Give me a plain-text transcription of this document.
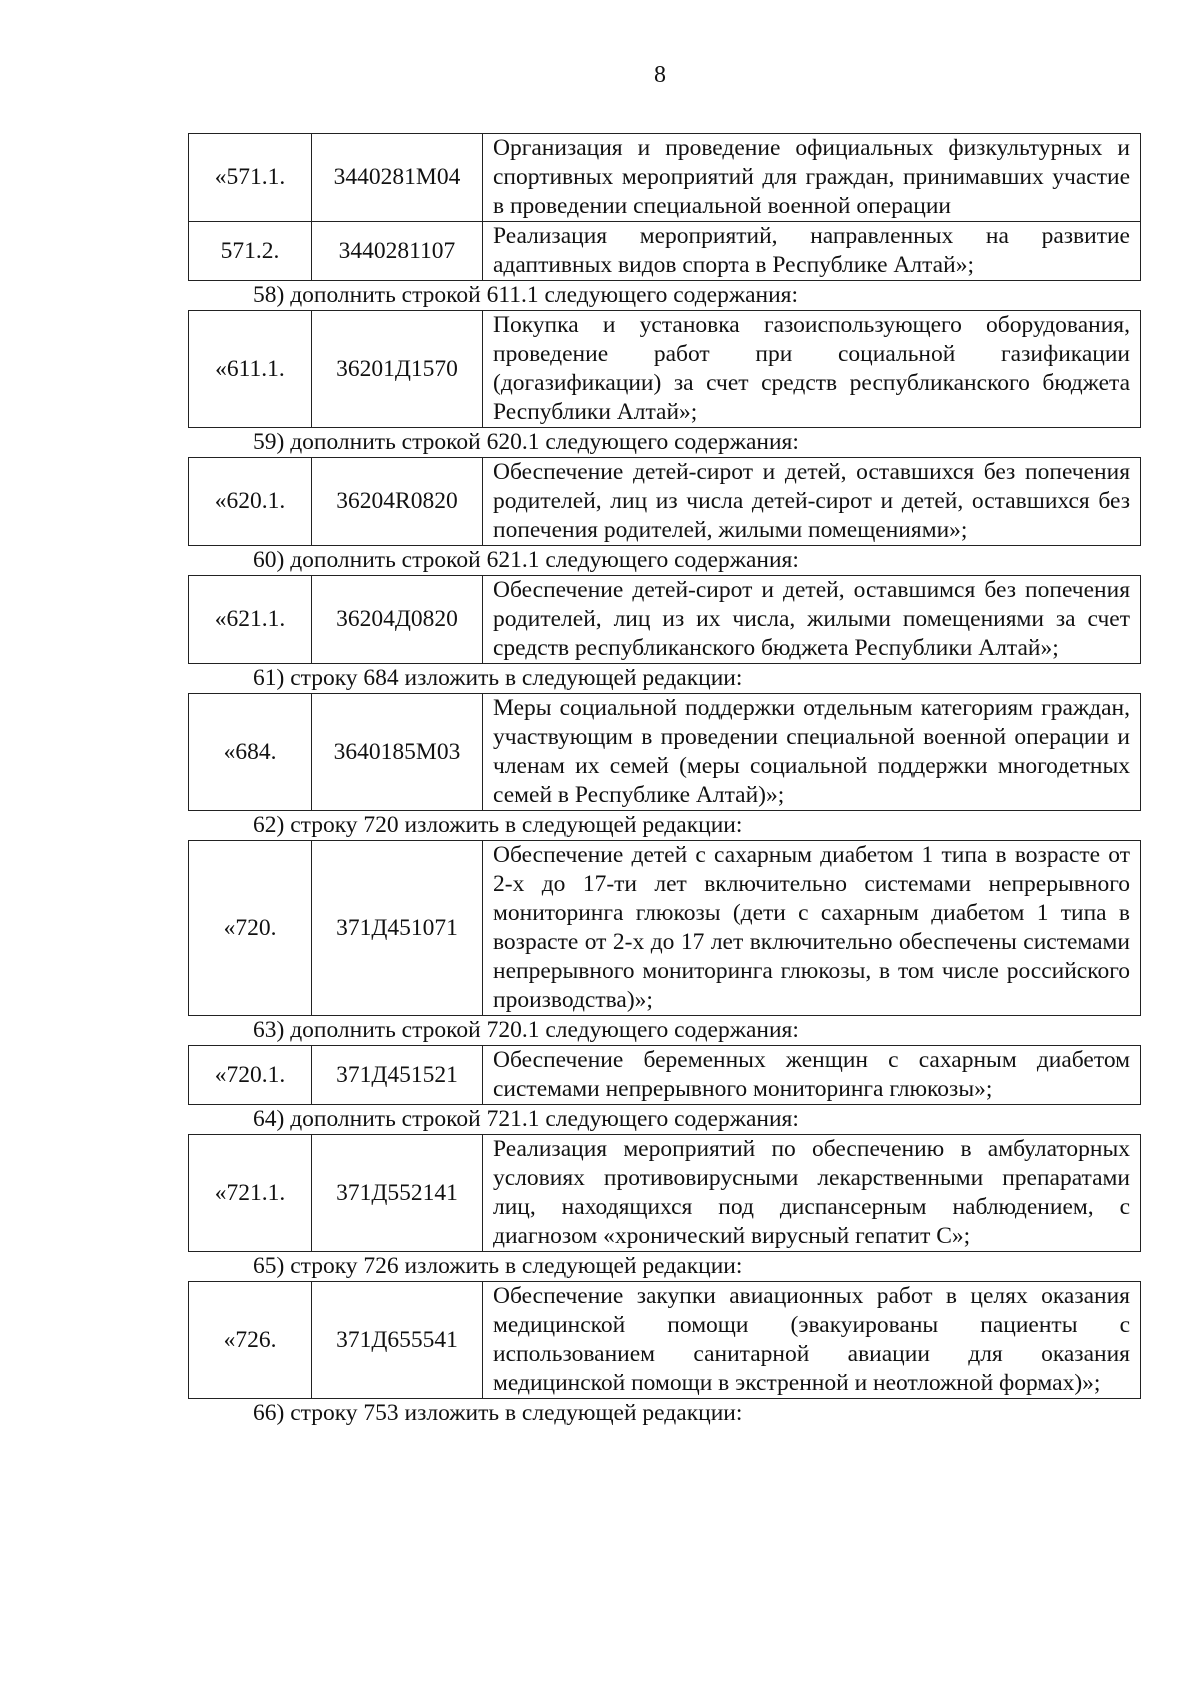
8
«571.1.	3440281М04	Организация и проведение официальных физкультурных и спортивных мероприятий для граждан, принимавших участие в проведении специальной военной операции
571.2.	3440281107	Реализация мероприятий, направленных на развитие адаптивных видов спорта в Республике Алтай»;
58) дополнить строкой 611.1 следующего содержания:
«611.1.	36201Д1570	Покупка и установка газоиспользующего оборудования, проведение работ при социальной газификации (догазификации) за счет средств республиканского бюджета Республики Алтай»;
59) дополнить строкой 620.1 следующего содержания:
«620.1.	36204R0820	Обеспечение детей-сирот и детей, оставшихся без попечения родителей, лиц из числа детей-сирот и детей, оставшихся без попечения родителей, жилыми помещениями»;
60) дополнить строкой 621.1 следующего содержания:
«621.1.	36204Д0820	Обеспечение детей-сирот и детей, оставшимся без попечения родителей, лиц из их числа, жилыми помещениями за счет средств республиканского бюджета Республики Алтай»;
61) строку 684 изложить в следующей редакции:
«684.	3640185М03	Меры социальной поддержки отдельным категориям граждан, участвующим в проведении специальной военной операции и членам их семей (меры социальной поддержки многодетных семей в Республике Алтай)»;
62) строку 720 изложить в следующей редакции:
«720.	371Д451071	Обеспечение детей с сахарным диабетом 1 типа в возрасте от 2-х до 17-ти лет включительно системами непрерывного мониторинга глюкозы (дети с сахарным диабетом 1 типа в возрасте от 2-х до 17 лет включительно обеспечены системами непрерывного мониторинга глюкозы, в том числе российского производства)»;
63) дополнить строкой 720.1 следующего содержания:
«720.1.	371Д451521	Обеспечение беременных женщин с сахарным диабетом системами непрерывного мониторинга глюкозы»;
64) дополнить строкой 721.1 следующего содержания:
«721.1.	371Д552141	Реализация мероприятий по обеспечению в амбулаторных условиях противовирусными лекарственными препаратами лиц, находящихся под диспансерным наблюдением, с диагнозом «хронический вирусный гепатит С»;
65) строку 726 изложить в следующей редакции:
«726.	371Д655541	Обеспечение закупки авиационных работ в целях оказания медицинской помощи (эвакуированы пациенты с использованием санитарной авиации для оказания медицинской помощи в экстренной и неотложной формах)»;
66) строку 753 изложить в следующей редакции:
